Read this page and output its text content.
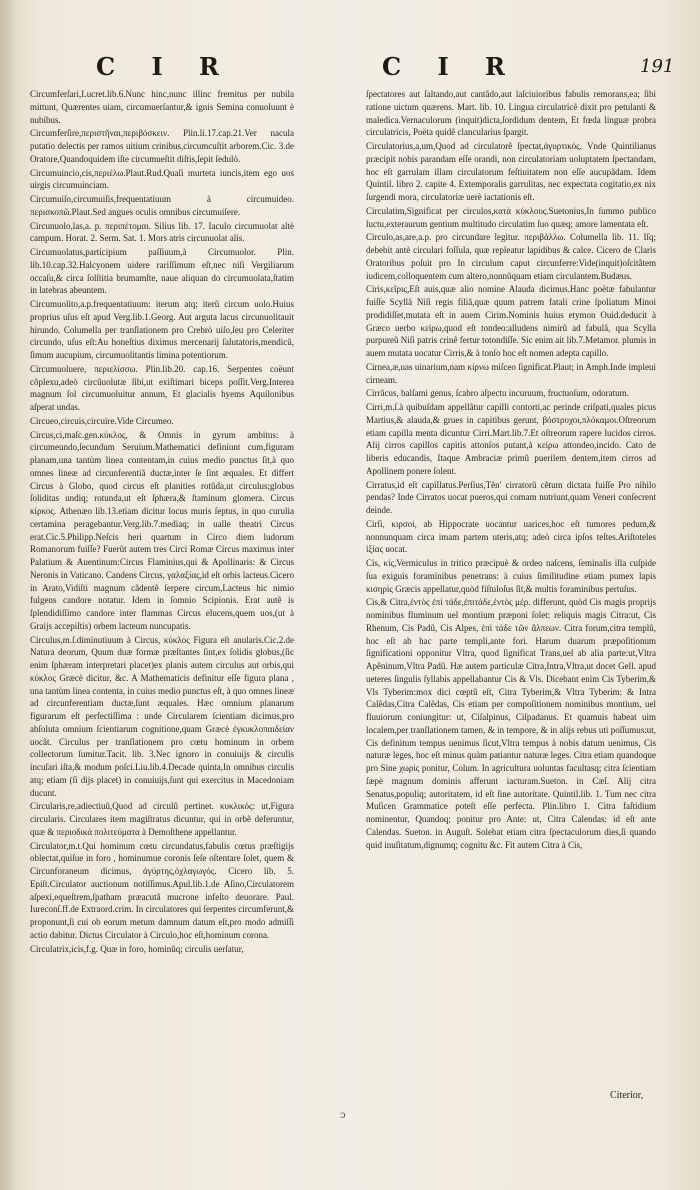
C I R	C I R	191

Circumferſari,Lucret.lib.6.Nunc hinc,nunc illinc fremitus per nubila mittunt, Quærentes uiam, circumuerſantur,& ignis Semina conuoluunt è nubibus.

Circumferſire,περιστῆναι,περιβόσκειν. Plin.li.17.cap.21.Ver nacula putatio delectis per ramos uitium crinibus,circumcuſtit arborem.Cic. 3.de Oratore,Quandoquidem iſte circumueſtit diſtis,ſepit ſedulò.

Circumuincio,cis,περιέλω.Plaut.Rud.Quaſi murteta iuncis,item ego uos uirgis circumuinciam.

Circumuiſo,circumuiſis,frequentatiuum à circumuideo. περισκοπῶ.Plaut.Sed angues oculis omnibus circumuiſere.

Circunuolo,las,a. p. περιπέτομαι. Silius lib. 17. Iaculo circumuolat altè campum. Horat. 2. Serm. Sat. 1. Mors atris circunuolat alis.

Circumuolatus,participium paſſiuum,à Circumuolor. Plin. lib.10.cap.32.Halcyonem uidere rariſſimum eſt,nec niſi Vergiliarum occaſu,& circa ſolſtitia brumamſte, naue aliquan do circumuolata,ſtatim in latebras abeuntem.

Circumuolito,a.p.frequentatiuum: iterum atq; iterũ circum uolo.Huius proprius uſus eſt apud Verg.lib.1.Georg. Aut arguta lacus circunuolitauit hirundo. Columella per tranſlationem pro Crebrò uiſo,ſeu pro Celeriter circundo, uſus eſt:Au honeſtius diximus mercenarij ſalutatoris,mendicũ, ſimum aucupium, circumuolitantis limina potentiorum.

Circumuoluere, περιελίσσω. Plin.lib.20. cap.16. Serpentes coëunt cõplexu,adeò circũuolutæ ſibi,ut exiſtimari biceps poſſit.Verg.Interea magnum ſol circumuoluitur annum, Et glacialis hyems Aquilonibus aſperat undas.

Circueo,circuis,circuire.Vide Circumeo.

Circus,ci,maſc.gen.κύκλος, & Omnis in gyrum ambitus: à circumeundo,ſecundum Seruium.Mathematici definiunt cum,figuram planam,una tantùm linea contentam,in cuius medio punctus ſit,à quo omnes lineæ ad circunferentiã ductæ,inter ſe ſint æquales. Et differt Circus à Globo, quod circus eſt planities rotũda,ut circulus;globus ſoliditas undiq; rotunda,ut eſt ſphæra,& ſtaminum glomera. Circus κίρκος. Athenæo lib.13.etiam dicitur locus muris ſeptus, in quo curulia certamina peragebantur.Verg.lib.7.mediaq; in ualle theatri Circus erat.Cic.5.Philipp.Neſcis heri quartum in Circo diem ludorum Romanorum fuiſſe? Fuerũt autem tres Circi Romæ Circus maximus inter Palatium & Auentinum:Circus Flaminius,qui & Apollinaris: & Circus Neronis in Vaticano. Candens Circus, γαλαξίας,id eſt orbis lacteus.Cicero in Arato,Vidiſti magnum cãdentẽ ſerpere circum,Lacteus hic nimio fulgens candore notatur. Idem in ſomnio Scipionis. Erat autẽ is ſplendidiſſimo candore inter flammas Circus elucens,quem uos,(ut à Graijs accepiſtis) orbem lacteum nuncupatis.

Circulus,m.ſ.diminutiuum à Circus, κύκλος Figura eſt anularis.Cic.2.de Natura deorum, Quum duæ formæ præſtantes ſint,ex ſolidis globus,(ſic enim ſphæram interpretari placet)ex planis autem circulus aut orbis,qui κύκλος Græcè dicitur, &c. A Mathematicis definitur eſſe figura plana , una tantùm linea contenta, in cuius medio punctus eſt, à quo omnes lineæ ad circunferentiam ductæ,ſunt æquales. Hæc omnium planarum figurarum eſt perfectiſſima : unde Circularem ſcientiam dicimus,pro abſoluta omnium ſcientiarum cognitione,quam Græcè ἐγκυκλοπαιδείαν uocãt. Circulus per tranſlationem pro cœtu hominum in orbem collectorum ſumitur.Tacit. lib. 3.Nec ignoro in conuiuijs & circulis incuſari iſta,& modum poſci.Liu.lib.4.Decade quinta,In omnibus circulis atq; etiam (ſi dijs placet) in conuiuijs,ſunt qui exercitus in Macedoniam ducunt.

Circularis,re,adiectiuũ,Quod ad circulũ pertinet. κυκλικός: ut,Figura circularis. Circulares item magiſtratus dicuntur, qui in orbẽ deferuntur, quæ & περιοδικά πολιτεύματα à Demoſthene appellantur.

Circulator,m.t.Qui hominum cœtu circundatus,fabulis cœtus præſtigijs oblectat,quiſue in foro , hominumue coronis ſeſe oſtentare ſolet, quem & Circunforaneum dicimus, ἀγύρτης,ὀχλαγωγός. Cicero lib. 5. Epiſt.Circulator auctionum notiſſimus.Apul.lib.1.de Aſino,Circulatorem aſpexi,equeſtrem,ſpatham præacutã mucrone infeſto deuorare. Paul. Iureconſ.ff.de Extraord.crim. In circulatores qui ſerpentes circumferunt,& proponunt,ſi cui ob eorum metum damnum datum eſt,pro modo admiſſi actio dabitur. Dictus Circulator à Circulo,hoc eſt,hominum corona.

Circulatrix,icis,f.g. Quæ in foro, hominũq; circulis uerſatur,

ſpectatores aut ſaltando,aut cantãdo,aut laſciuioribus fabulis remorans,ea; ſibi ratione uictum quærens. Mart. lib. 10. Lingua circulatricẽ dixit pro petulanti & maledica.Vernaculorum (inquit)dicta,ſordidum dentem, Et fœda linguæ probra circulatricis, Poëta quidẽ clancularius ſpargit.

Circulatorius,a,um,Quod ad circulatorẽ ſpectat,ἀγυρτικός. Vnde Quintilianus præcipit nobis parandam eſſe orandi, non circulatoriam uoluptatem ſpectandam, hoc eſt garrulam illam circulatorum feſtiuitatem non eſſe aucupãdam. Idem Quintil. libro 2. capite 4. Extemporalis garrulitas, nec expectata cogitatio,ex nix ſurgendi mora, circulatoriæ uerè iactationis eſt.

Circulatim,Significat per circulos,κατὰ κύκλους.Suetonius,In ſummo publico luctu,exteraurum gentium multitudo circulatim ſuo quæq; amore lamentata eſt.

Circulo,as,are,a.p. pro circundare legitur. περιβάλλω. Columella lib. 11. Iſq; debebit antè circulari foſſula, quæ repleatur lapidibus & calce. Cicero de Claris Oratoribus poſuit pro In circulum caput circunferre:Vide(inquit)oſcitãtem iudicem,colloquentem cum altero,nonnũquam etiam circulantem.Budæus.

Ciris,κεῖρις,Eſt auis,quæ alio nomine Alauda dicimus.Hanc poëtæ fabulantur fuiſſe Scyllã Niſi regis filiã,quæ quum patrem fatali crine ſpoliatum Minoi prodidiſſet,mutata eſt in auem Cirim.Nominis huius etymon Ouid.deducit à Græco uerbo κείρω,quod eſt tondeo:alludens nimirũ ad fabulã, qua Scylla purpureũ Niſi patris crinẽ fertur totondiſſe. Sic enim ait lib.7.Metamor. plumis in auem mutata uocatur Cirris,& à tonſo hoc eſt nomen adepta capillo.

Cirnea,æ,uas uinarium,nam κίρνω miſceo ſignificat.Plaut; in Amph.Inde impleui cirneam.

Cirrãcus, balſami genus, ſcabro aſpectu incuruum, fructuoſum, odoratum.

Cirri,m.ſ.à quibuſdam appellãtur capilli contorti,ac perinde criſpati,quales picus Martius,& alauda,& grues in capitibus gerunt, βόστρυχοι,πλόκαμοι.Oſtreorum etiam capilla menta dicuntur Cirri.Mart.lib.7.Et oſtreorum rapere lucidos cirros. Alij cirros capillos capitis attonſos putant,à κείρω attondeo,incido. Cato de liberis educandis, Itaque Ambraciæ primũ puerilem dentem,item cirros ad Apollinem ponere ſolent.

Cirratus,id eſt capillatus.Perſius,Tẽn' cirratorũ cẽtum dictata fuiſſe Pro nihilo pendas? Inde Cirratos uocat pueros,qui comam nutriunt,quam Veneri conſecrent deinde.

Cirſi, κιρσοί, ab Hippocrate uocantur uarices,hoc eſt tumores pedum,& nonnunquam circa imam partem uteris,atq; adeò circa ipſos teſtes.Ariſtoteles ἰξίας uocat.

Cis, κίς,Vermiculus in tritico præcipuè & ordeo naſcens, ſeminalis illa cuſpide ſua exiguis foraminibus penetrans: à cuius ſimilitudine etiam pumex lapis κισηρὶς Græcis appellatur,quòd fiſtuloſus ſit,& multis foraminibus pertuſus.

Cis,& Citra,ἐντὸς ἐπὶ τάδε,ἐπιτάδε,ἐντὸς μέρ. differunt, quòd Cis magis proprijs nominibus fluminum uel montium præponi ſolet: reliquis magis Citra:ut, Cis Rhenum, Cis Padũ, Cis Alpes, ἐπὶ τάδε τῶν ἄλπεων. Citra forum,citra templũ, hoc eſt ab hac parte templi,ante fori. Harum duarum præpoſitionum ſignificationi opponitur Vltra, quod ſignificat Trans,uel ab alia parte:ut,Vltra Apẽninum,Vltra Padũ. Hæ autem particulæ Citra,Intra,Vltra,ut docet Gell. apud ueteres ſingulis ſyllabis appellabantur Cis & Vls. Dicebant enim Cis Tyberim,& Vls Tyberim:mox dici cœptũ eſt, Citra Tyberim,& Vltra Tyberim: & Intra Calẽdas,Citra Calẽdas, Cis etiam per compoſitionem nominibus montium, uel fluuiorum coniungitur: ut, Ciſalpinus, Ciſpadanus. Et quamuis habeat uim localem,per tranſlationem tamen, & in tempore, & in alijs rebus uti poſſumus:ut, Cis definitum tempus uenimus ſicut,Vltra tempus à nobis datum uenimus, Cis naturæ leges, hoc eſt minus quàm patiantur naturæ leges. Citra etiam quandoque pro Sine χωρὶς ponitur, Colum. In agricultura uoluntas facultasq; citra ſcientiam ſæpè magnum dominis afferunt iacturam.Sueton. in Cæſ. Alij citra Senatus,populiq; autoritatem, id eſt ſine autoritate. Quintil.lib. 1. Tum nec citra Muſicen Grammatice poteſt eſſe perfecta. Plin.libro 1. Citra faſtidium nominentur, Quandoq; ponitur pro Ante: ut, Citra Calendas: id eſt ante Calendas. Sueton. in Auguſt. Solebat etiam citra ſpectaculorum dies,ſi quando quid inuſitatum,dignumq; cognitu &c. Fit autem Citra à Cis,

Citerior,
ɔ
